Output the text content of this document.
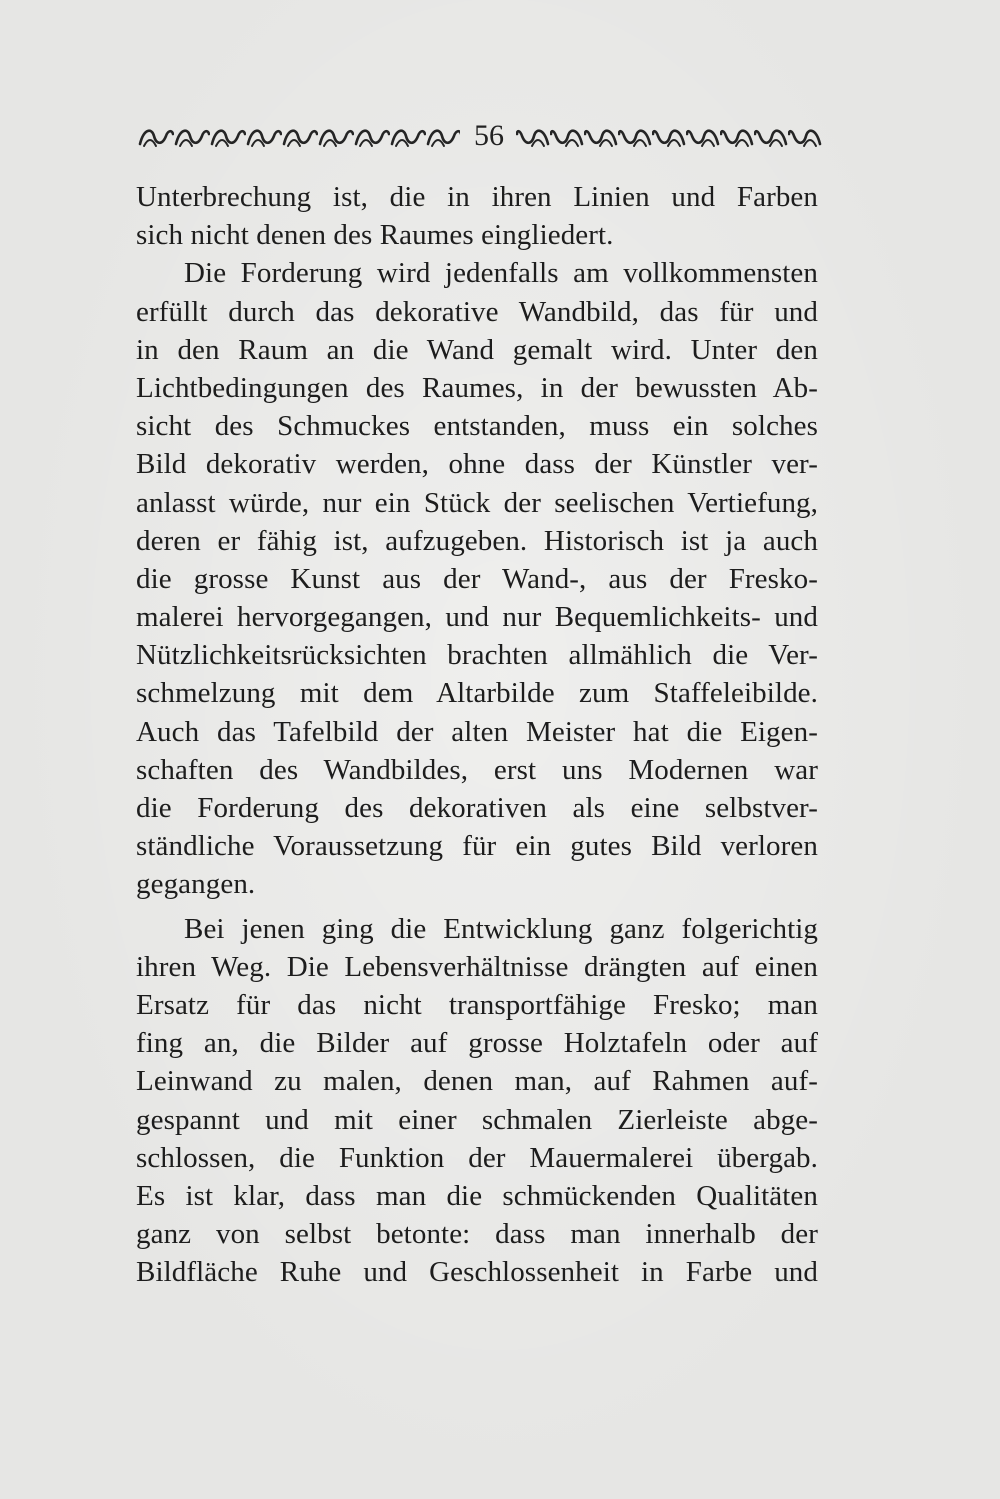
56
Unterbrechung ist, die in ihren Linien und Farben
sich nicht denen des Raumes eingliedert.
Die Forderung wird jedenfalls am vollkommensten
erfüllt durch das dekorative Wandbild, das für und
in den Raum an die Wand gemalt wird. Unter den
Lichtbedingungen des Raumes, in der bewussten Ab-
sicht des Schmuckes entstanden, muss ein solches
Bild dekorativ werden, ohne dass der Künstler ver-
anlasst würde, nur ein Stück der seelischen Vertiefung,
deren er fähig ist, aufzugeben. Historisch ist ja auch
die grosse Kunst aus der Wand-, aus der Fresko-
malerei hervorgegangen, und nur Bequemlichkeits- und
Nützlichkeitsrücksichten brachten allmählich die Ver-
schmelzung mit dem Altarbilde zum Staffeleibilde.
Auch das Tafelbild der alten Meister hat die Eigen-
schaften des Wandbildes, erst uns Modernen war
die Forderung des dekorativen als eine selbstver-
ständliche Voraussetzung für ein gutes Bild verloren
gegangen.
Bei jenen ging die Entwicklung ganz folgerichtig
ihren Weg. Die Lebensverhältnisse drängten auf einen
Ersatz für das nicht transportfähige Fresko; man
fing an, die Bilder auf grosse Holztafeln oder auf
Leinwand zu malen, denen man, auf Rahmen auf-
gespannt und mit einer schmalen Zierleiste abge-
schlossen, die Funktion der Mauermalerei übergab.
Es ist klar, dass man die schmückenden Qualitäten
ganz von selbst betonte: dass man innerhalb der
Bildfläche Ruhe und Geschlossenheit in Farbe und
